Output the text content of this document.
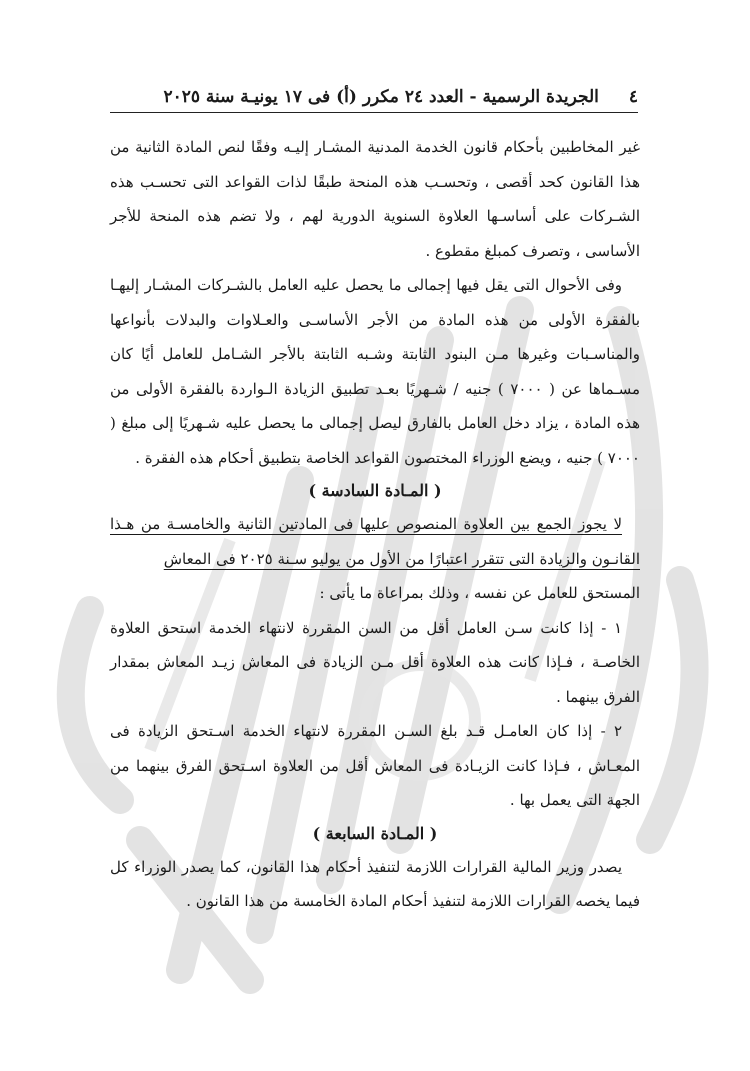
٤
الجريدة الرسمية - العدد ٢٤ مكرر (أ) فى ١٧ يونيـة سنة ٢٠٢٥

غير المخاطبين بأحكام قانون الخدمة المدنية المشـار إليـه وفقًا لنص المادة الثانية من هذا القانون كحد أقصى ، وتحسـب هذه المنحة طبقًا لذات القواعد التى تحسـب هذه الشـركات على أساسـها العلاوة السنوية الدورية لهم ، ولا تضم هذه المنحة للأجر الأساسى ، وتصرف كمبلغ مقطوع .

وفى الأحوال التى يقل فيها إجمالى ما يحصل عليه العامل بالشـركات المشـار إليهـا بالفقرة الأولى من هذه المادة من الأجر الأساسـى والعـلاوات والبدلات بأنواعها والمناسـبات وغيرها مـن البنود الثابتة وشـبه الثابتة بالأجر الشـامل للعامل أيًا كان مسـماها عن ( ٧٠٠٠ ) جنيه / شـهريًا بعـد تطبيق الزيادة الـواردة بالفقرة الأولى من هذه المادة ، يزاد دخل العامل بالفارق ليصل إجمالى ما يحصل عليه شـهريًا إلى مبلغ ( ٧٠٠٠ ) جنيه ، ويضع الوزراء المختصون القواعد الخاصة بتطبيق أحكام هذه الفقرة .

( المـادة السادسة )

لا يجوز الجمع بين العلاوة المنصوص عليها فى المادتين الثانية والخامسـة من هـذا القانـون والزيادة التى تتقرر اعتبارًا من الأول من يوليو سـنة ٢٠٢٥ فى المعاش

المستحق للعامل عن نفسه ، وذلك بمراعاة ما يأتى :

١ - إذا كانت سـن العامل أقل من السن المقررة لانتهاء الخدمة استحق العلاوة الخاصـة ، فـإذا كانت هذه العلاوة أقل مـن الزيادة فى المعاش زيـد المعاش بمقدار الفرق بينهما .

٢ - إذا كان العامـل قـد بلغ السـن المقررة لانتهاء الخدمة اسـتحق الزيادة فى المعـاش ، فـإذا كانت الزيـادة فى المعاش أقل من العلاوة اسـتحق الفرق بينهما من الجهة التى يعمل بها .

( المـادة السابعة )

يصدر وزير المالية القرارات اللازمة لتنفيذ أحكام هذا القانون، كما يصدر الوزراء كل فيما يخصه القرارات اللازمة لتنفيذ أحكام المادة الخامسة من هذا القانون .
